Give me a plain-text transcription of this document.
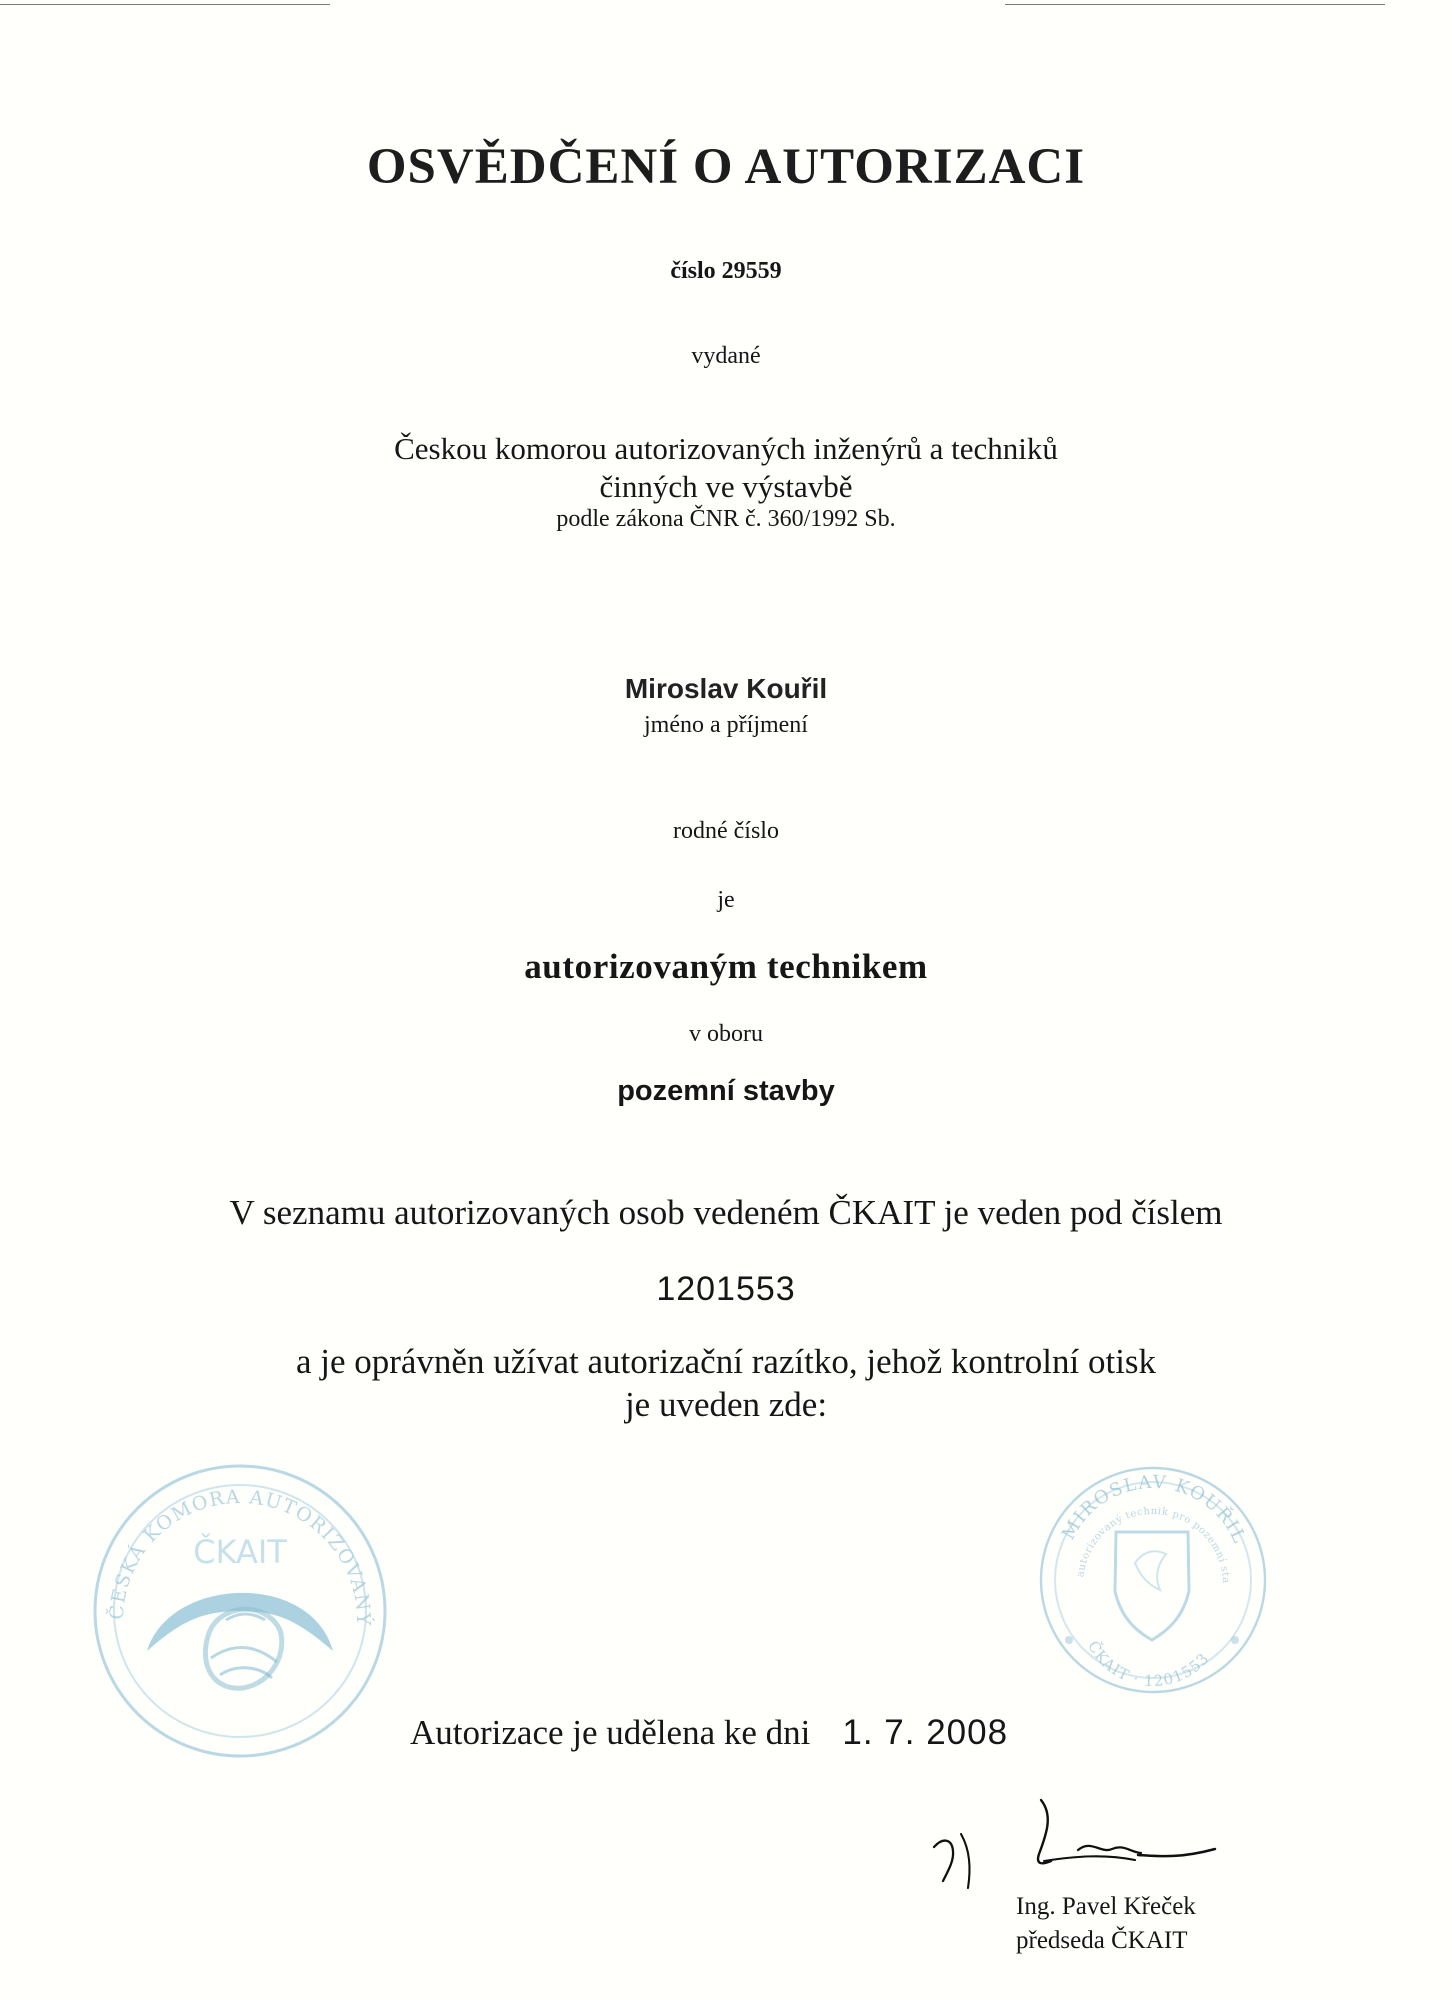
OSVĚDČENÍ O AUTORIZACI
číslo 29559
vydané
Českou komorou autorizovaných inženýrů a techniků
činných ve výstavbě
podle zákona ČNR č. 360/1992 Sb.
Miroslav Kouřil
jméno a příjmení
rodné číslo
je
autorizovaným technikem
v oboru
pozemní stavby
V seznamu autorizovaných osob vedeném ČKAIT je veden pod číslem
1201553
a je oprávněn užívat autorizační razítko, jehož kontrolní otisk
je uveden zde:
ČESKÁ KOMORA AUTORIZOVANÝCH INŽENÝRŮ A TECHNIKŮ
ČKAIT
MIROSLAV KOUŘIL
autorizovaný technik pro pozemní stavby
ČKAIT · 1201553
Autorizace je udělena ke dni 1. 7. 2008
Ing. Pavel Křeček
předseda ČKAIT
